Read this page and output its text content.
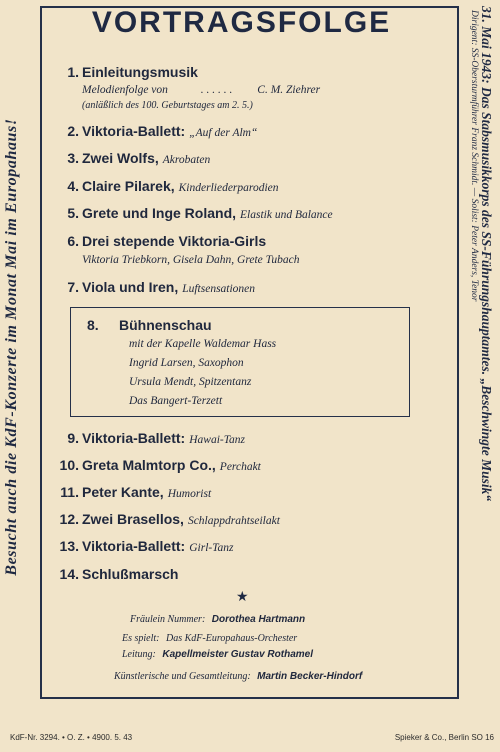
VORTRAGSFOLGE
Besucht auch die KdF-Konzerte im Monat Mai im Europahaus!	31. Mai 1943: Das Stabsmusikkorps des SS-Führungshauptamtes. „Beschwingte Musik“
Dirigent: SS-Obersturmführer Franz Schmidt. — Solist: Peter Anders, Tenor
1. Einleitungsmusik
Melodienfolge von	. . . . . . C. M. Ziehrer
(anläßlich des 100. Geburtstages am 2. 5.)
2. Viktoria-Ballett: „Auf der Alm“
3. Zwei Wolfs, Akrobaten
4. Claire Pilarek, Kinderliederparodien
5. Grete und Inge Roland, Elastik und Balance
6. Drei stepende Viktoria-Girls
Viktoria Triebkorn, Gisela Dahn, Grete Tubach
7. Viola und Iren, Luftsensationen
9. Viktoria-Ballett: Hawai-Tanz
10. Greta Malmtorp Co., Perchakt
11. Peter Kante, Humorist
12. Zwei Brasellos, Schlappdrahtseilakt
13. Viktoria-Ballett: Girl-Tanz
14. Schlußmarsch
8. Bühnenschau
mit der Kapelle Waldemar Hass
Ingrid Larsen, Saxophon
Ursula Mendt, Spitzentanz
Das Bangert-Terzett
★
Fräulein Nummer: Dorothea Hartmann
Es spielt: Das KdF-Europahaus-Orchester
Leitung: Kapellmeister Gustav Rothamel
Künstlerische und Gesamtleitung: Martin Becker-Hindorf
KdF-Nr. 3294. • O. Z. • 4900. 5. 43	Spieker & Co., Berlin SO 16
